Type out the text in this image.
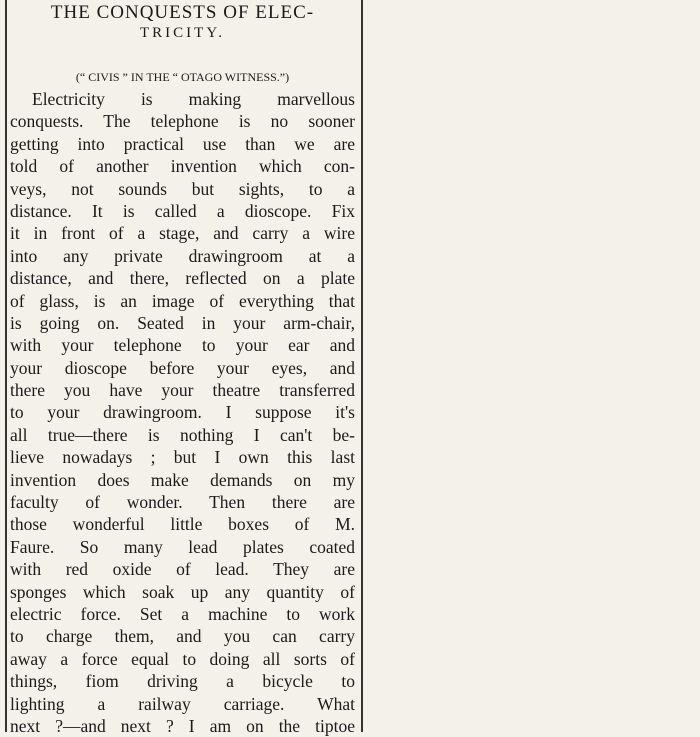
THE CONQUESTS OF ELEC-
TRICITY.
(“ CIVIS ” IN THE “ OTAGO WITNESS.”)
Electricity is making marvellous
conquests. The telephone is no sooner
getting into practical use than we are
told of another invention which con-
veys, not sounds but sights, to a
distance. It is called a dioscope. Fix
it in front of a stage, and carry a wire
into any private drawingroom at a
distance, and there, reflected on a plate
of glass, is an image of everything that
is going on. Seated in your arm-chair,
with your telephone to your ear and
your dioscope before your eyes, and
there you have your theatre transferred
to your drawingroom. I suppose it's
all true—there is nothing I can't be-
lieve nowadays ; but I own this last
invention does make demands on my
faculty of wonder. Then there are
those wonderful little boxes of M.
Faure. So many lead plates coated
with red oxide of lead. They are
sponges which soak up any quantity of
electric force. Set a machine to work
to charge them, and you can carry
away a force equal to doing all sorts of
things, fiom driving a bicycle to
lighting a railway carriage. What
next ?—and next ? I am on the tiptoe
